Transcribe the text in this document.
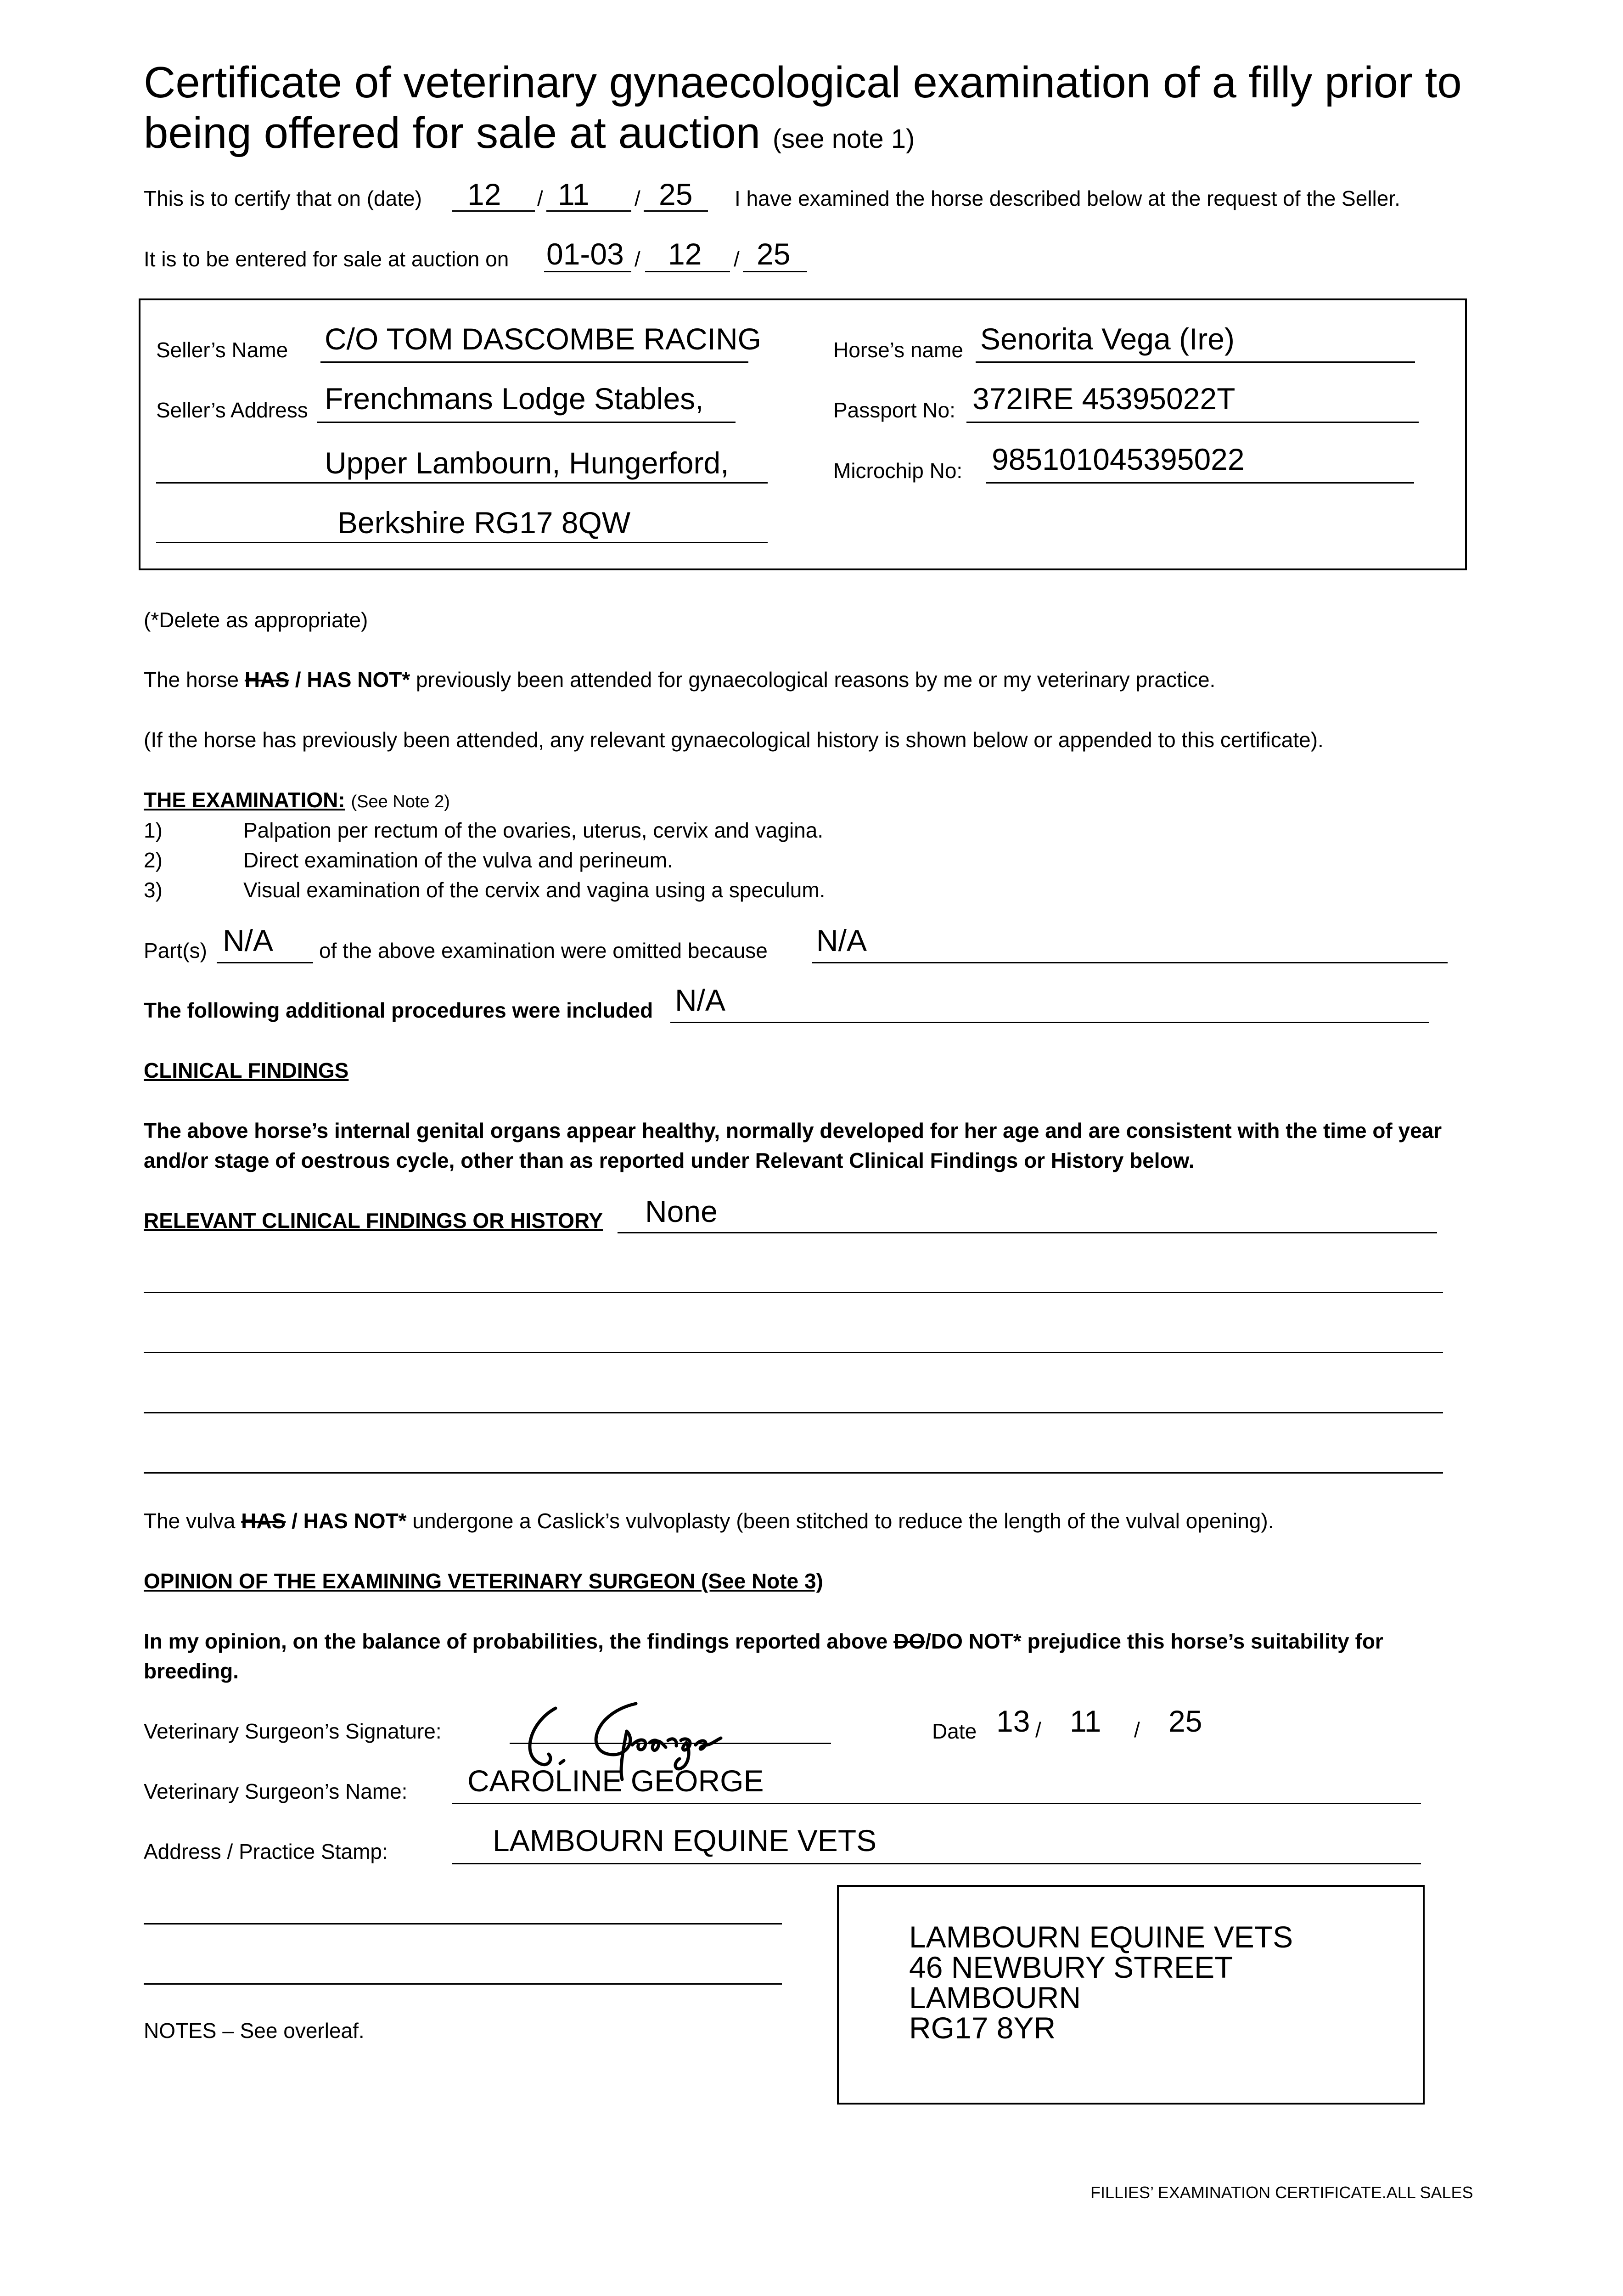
Certificate of veterinary gynaecological examination of a filly prior to
being offered for sale at auction (see note 1)
This is to certify that on (date) 12 / 11 / 25 I have examined the horse described below at the request of the Seller.
It is to be entered for sale at auction on 01-03 / 12 / 25
Seller’s Name C/O TOM DASCOMBE RACING
Seller’s Address Frenchmans Lodge Stables,
Upper Lambourn, Hungerford,
Berkshire RG17 8QW
Horse’s name Senorita Vega (Ire)
Passport No: 372IRE 45395022T
Microchip No: 985101045395022
(*Delete as appropriate)
The horse HAS / HAS NOT* previously been attended for gynaecological reasons by me or my veterinary practice.
(If the horse has previously been attended, any relevant gynaecological history is shown below or appended to this certificate).
THE EXAMINATION: (See Note 2)
1)	Palpation per rectum of the ovaries, uterus, cervix and vagina.
2)	Direct examination of the vulva and perineum.
3)	Visual examination of the cervix and vagina using a speculum.
Part(s) N/A of the above examination were omitted because N/A
The following additional procedures were included N/A
CLINICAL FINDINGS
The above horse’s internal genital organs appear healthy, normally developed for her age and are consistent with the time of year
and/or stage of oestrous cycle, other than as reported under Relevant Clinical Findings or History below.
RELEVANT CLINICAL FINDINGS OR HISTORY None
The vulva HAS / HAS NOT* undergone a Caslick’s vulvoplasty (been stitched to reduce the length of the vulval opening).
OPINION OF THE EXAMINING VETERINARY SURGEON (See Note 3)
In my opinion, on the balance of probabilities, the findings reported above DO/DO NOT* prejudice this horse’s suitability for
breeding.
Veterinary Surgeon’s Signature:	Date 13 / 11 / 25
Veterinary Surgeon’s Name: CAROLINE GEORGE
Address / Practice Stamp:	LAMBOURN EQUINE VETS
LAMBOURN EQUINE VETS
46 NEWBURY STREET
LAMBOURN
RG17 8YR
NOTES – See overleaf.
FILLIES’ EXAMINATION CERTIFICATE.ALL SALES
